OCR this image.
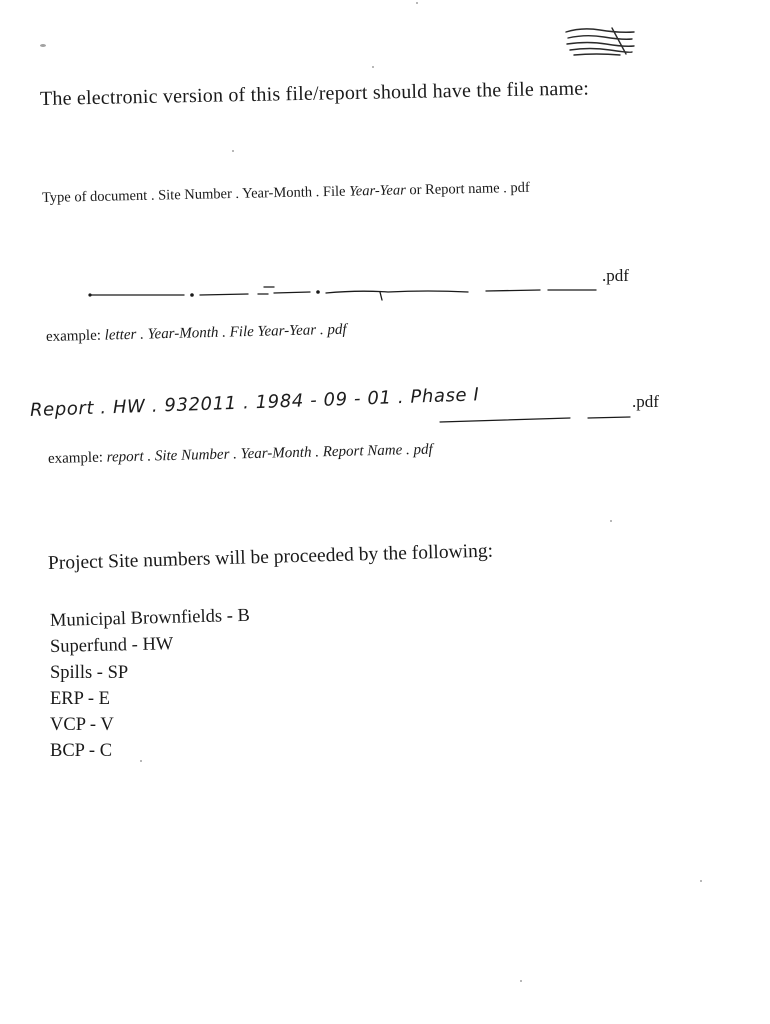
The electronic version of this file/report should have the file name:
Type of document . Site Number . Year-Month . File Year-Year or Report name . pdf
.pdf
example: letter . Year-Month . File Year-Year . pdf
Report . HW . 932011 . 1984 - 09 - 01 . Phase I	.pdf
example: report . Site Number . Year-Month . Report Name . pdf
Project Site numbers will be proceeded by the following:
Municipal Brownfields - B
Superfund - HW
Spills - SP
ERP - E
VCP - V
BCP - C
